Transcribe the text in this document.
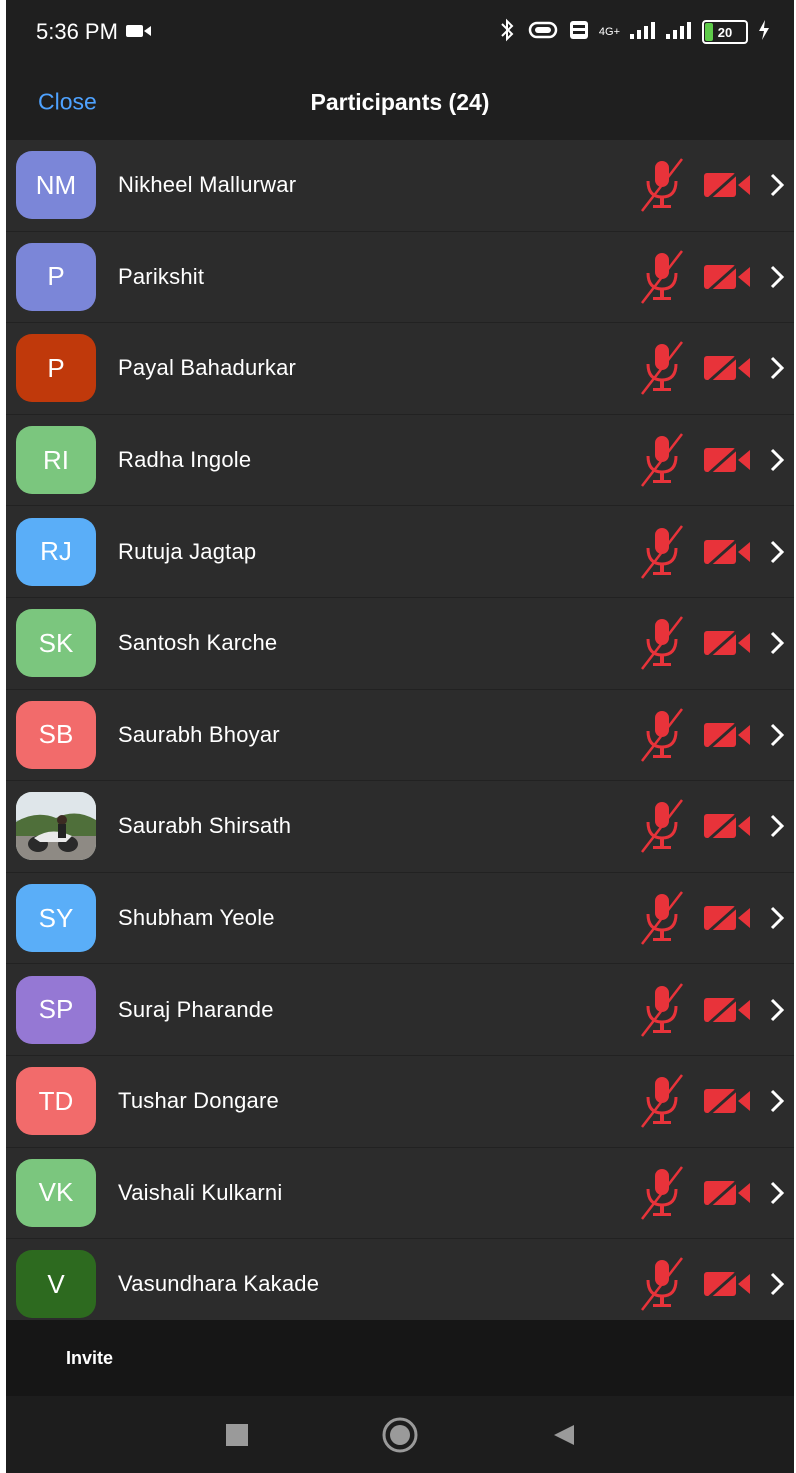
5:36 PM	4G+	20
Close	Participants (24)
NM	Nikheel Mallurwar
P	Parikshit
P	Payal Bahadurkar
RI	Radha Ingole
RJ	Rutuja Jagtap
SK	Santosh Karche
SB	Saurabh Bhoyar
Saurabh Shirsath
SY	Shubham Yeole
SP	Suraj Pharande
TD	Tushar Dongare
VK	Vaishali Kulkarni
V	Vasundhara Kakade
Invite
